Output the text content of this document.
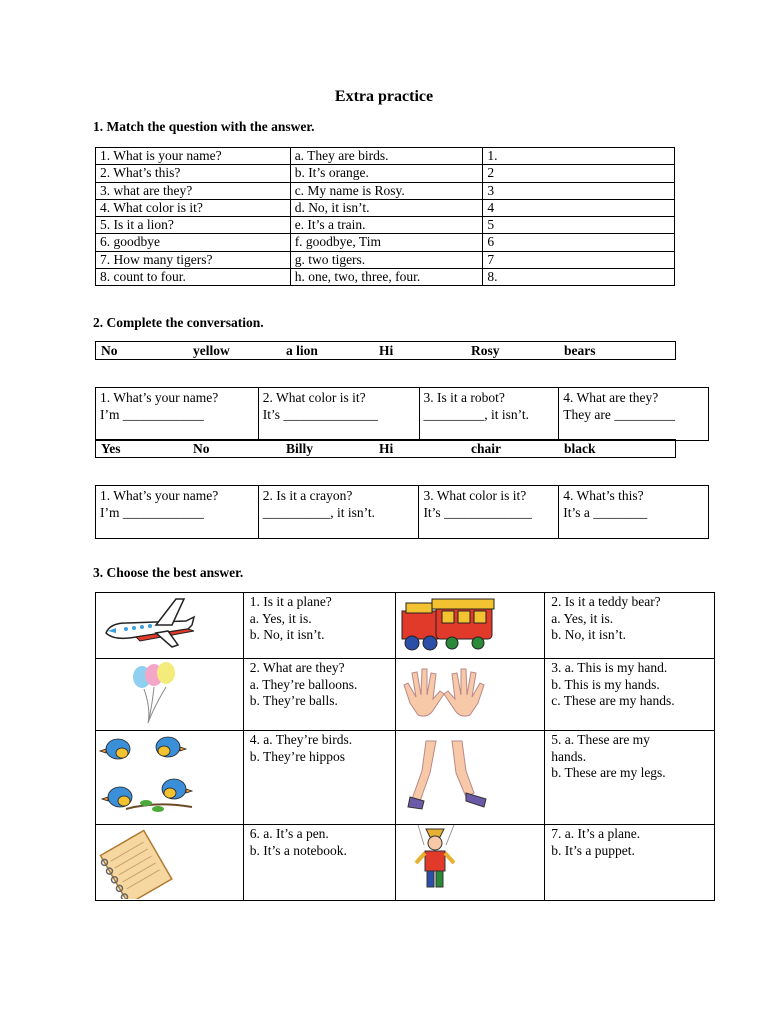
Extra practice
1. Match the question with the answer.
1. What is your name?	a. They are birds.	1.
2. What’s this?	b. It’s orange.	2
3. what are they?	c. My name is Rosy.	3
4. What color is it?	d. No, it isn’t.	4
5. Is it a lion?	e. It’s a train.	5
6. goodbye	f. goodbye, Tim	6
7. How many tigers?	g. two tigers.	7
8. count to four.	h. one, two, three, four.	8.
2. Complete the conversation.
No	yellow	a lion	Hi	Rosy	bears
1. What’s your name?
I’m ____________

2. What color is it?
It’s ______________

3. Is it a robot?
_________, it isn’t.

4. What are they?
They are _________
Yes	No	Billy	Hi	chair	black
1. What’s your name?
I’m ____________

2. Is it a crayon?
__________, it isn’t.

3. What color is it?
It’s _____________

4. What’s this?
It’s a ________
3. Choose the best answer.

1. Is it a plane?
a. Yes, it is.
b. No, it isn’t.		2. Is it a teddy bear?
a. Yes, it is.
b. No, it isn’t.

2. What are they?
a. They’re balloons.
b. They’re balls.		3. a. This is my hand.
b. This is my hands.
c. These are my hands.

4. a. They’re birds.
b. They’re hippos		5. a. These are my
hands.
b. These are my legs.

6. a. It’s a pen.
b. It’s a notebook.		7. a. It’s a plane.
b. It’s a puppet.
